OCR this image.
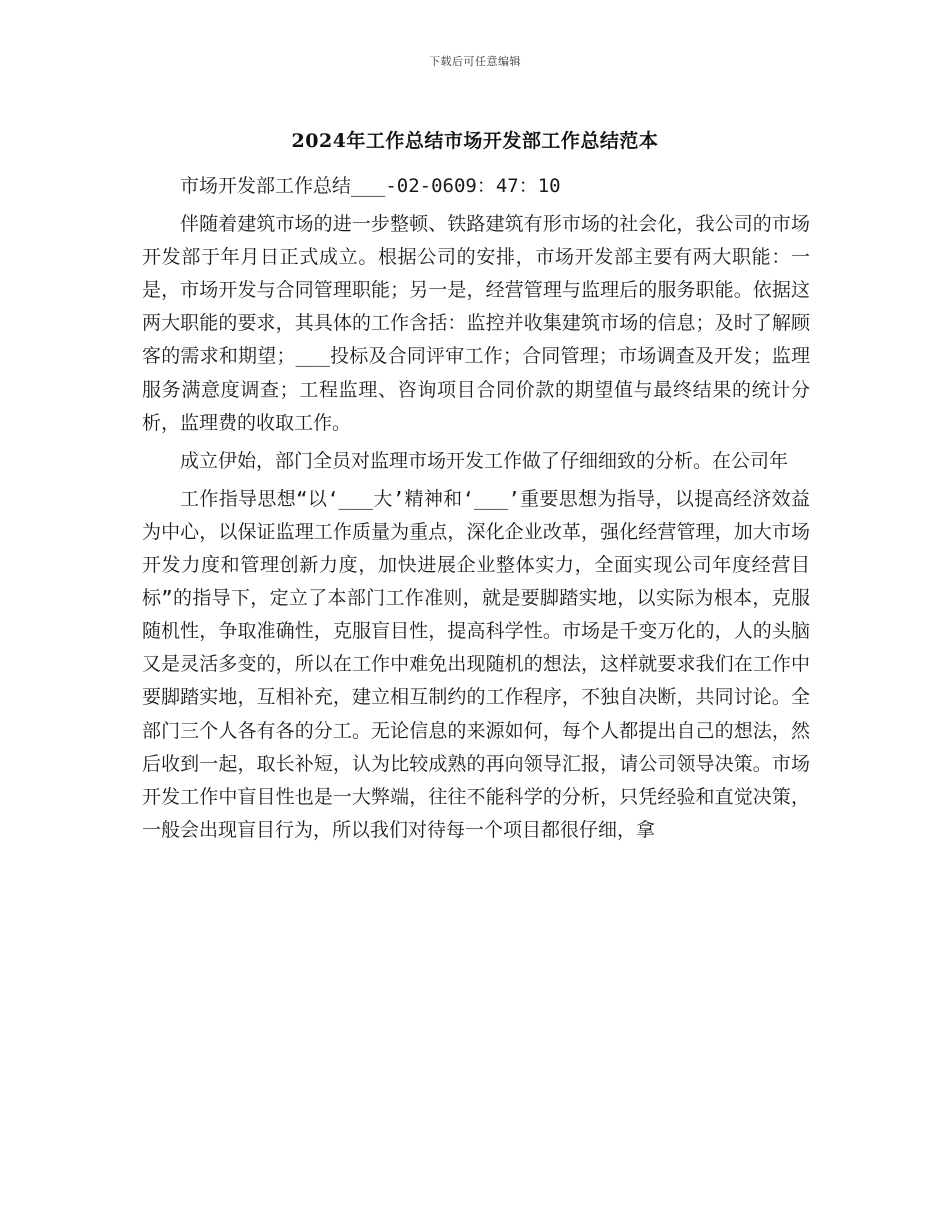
下载后可任意编辑
2024年工作总结市场开发部工作总结范本

市场开发部工作总结___-02-0609：47：10

伴随着建筑市场的进一步整顿、铁路建筑有形市场的社会化，我公司的市场开发部于年月日正式成立。根据公司的安排，市场开发部主要有两大职能：一是，市场开发与合同管理职能；另一是，经营管理与监理后的服务职能。依据这两大职能的要求，其具体的工作含括：监控并收集建筑市场的信息；及时了解顾客的需求和期望；___投标及合同评审工作；合同管理；市场调查及开发；监理服务满意度调查；工程监理、咨询项目合同价款的期望值与最终结果的统计分析，监理费的收取工作。

成立伊始，部门全员对监理市场开发工作做了仔细细致的分析。在公司年

工作指导思想“以‘___大’精神和‘___’重要思想为指导，以提高经济效益为中心，以保证监理工作质量为重点，深化企业改革，强化经营管理，加大市场开发力度和管理创新力度，加快进展企业整体实力，全面实现公司年度经营目标”的指导下，定立了本部门工作准则，就是要脚踏实地，以实际为根本，克服随机性，争取准确性，克服盲目性，提高科学性。市场是千变万化的，人的头脑又是灵活多变的，所以在工作中难免出现随机的想法，这样就要求我们在工作中要脚踏实地，互相补充，建立相互制约的工作程序，不独自决断，共同讨论。全部门三个人各有各的分工。无论信息的来源如何，每个人都提出自己的想法，然后收到一起，取长补短，认为比较成熟的再向领导汇报，请公司领导决策。市场开发工作中盲目性也是一大弊端，往往不能科学的分析，只凭经验和直觉决策，一般会出现盲目行为，所以我们对待每一个项目都很仔细，拿
